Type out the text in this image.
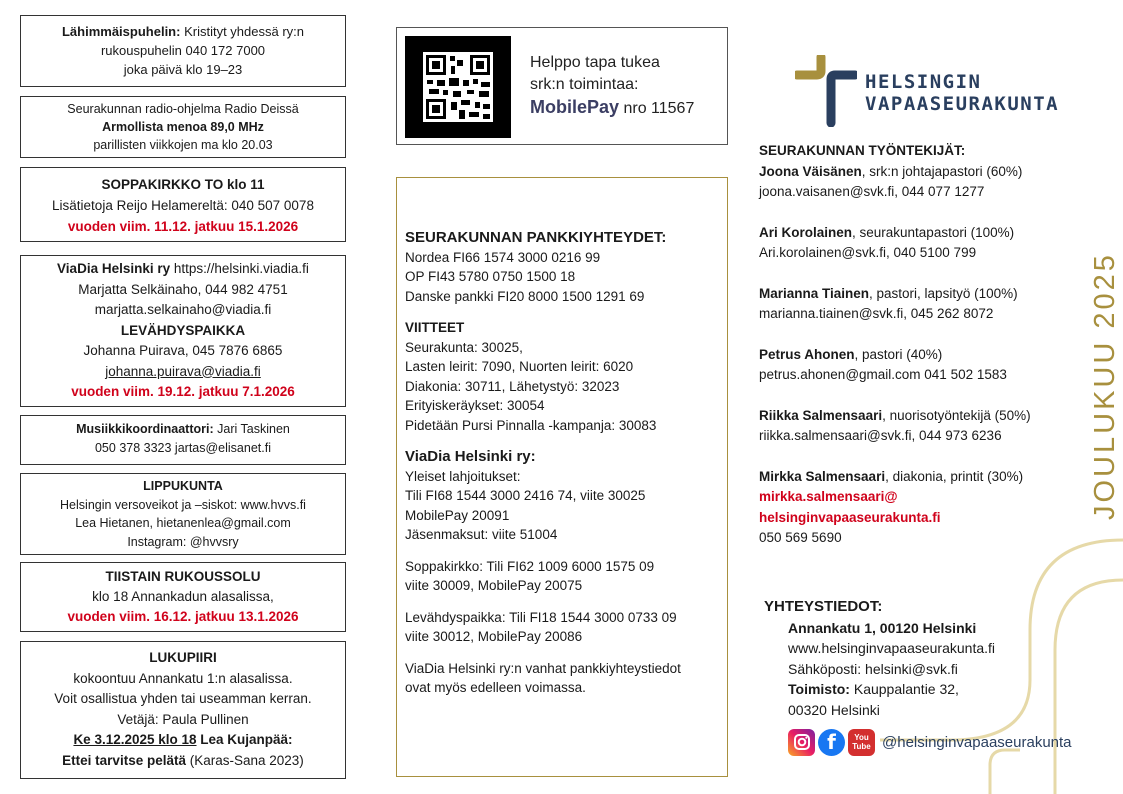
Lähimmäispuhelin: Kristityt yhdessä ry:n
rukouspuhelin 040 172 7000
joka päivä klo 19–23
Seurakunnan radio-ohjelma Radio Deissä
Armollista menoa 89,0 MHz
parillisten viikkojen ma klo 20.03
SOPPAKIRKKO TO klo 11
Lisätietoja Reijo Helamereltä: 040 507 0078
vuoden viim. 11.12. jatkuu 15.1.2026
ViaDia Helsinki ry https://helsinki.viadia.fi
Marjatta Selkäinaho, 044 982 4751
marjatta.selkainaho@viadia.fi
LEVÄHDYSPAIKKA
Johanna Puirava, 045 7876 6865
johanna.puirava@viadia.fi
vuoden viim. 19.12. jatkuu 7.1.2026
Musiikkikoordinaattori: Jari Taskinen
050 378 3323 jartas@elisanet.fi
LIPPUKUNTA
Helsingin versoveikot ja –siskot: www.hvvs.fi
Lea Hietanen, hietanenlea@gmail.com
Instagram: @hvvsry
TIISTAIN RUKOUSSOLU
klo 18 Annankadun alasalissa,
vuoden viim. 16.12. jatkuu 13.1.2026
LUKUPIIRI
kokoontuu Annankatu 1:n alasalissa.
Voit osallistua yhden tai useamman kerran.
Vetäjä: Paula Pullinen
Ke 3.12.2025 klo 18 Lea Kujanpää:
Ettei tarvitse pelätä (Karas-Sana 2023)
Helppo tapa tukea
srk:n toimintaa:
MobilePay nro 11567
SEURAKUNNAN PANKKIYHTEYDET:
Nordea FI66 1574 3000 0216 99
OP FI43 5780 0750 1500 18
Danske pankki FI20 8000 1500 1291 69
VIITTEET
Seurakunta: 30025,
Lasten leirit: 7090, Nuorten leirit: 6020
Diakonia: 30711, Lähetystyö: 32023
Erityiskeräykset: 30054
Pidetään Pursi Pinnalla -kampanja: 30083
ViaDia Helsinki ry:
Yleiset lahjoitukset:
Tili FI68 1544 3000 2416 74, viite 30025
MobilePay 20091
Jäsenmaksut: viite 51004
Soppakirkko: Tili FI62 1009 6000 1575 09
viite 30009, MobilePay 20075
Levähdyspaikka: Tili FI18 1544 3000 0733 09
viite 30012, MobilePay 20086
ViaDia Helsinki ry:n vanhat pankkiyhteystiedot
ovat myös edelleen voimassa.
HELSINGIN
VAPAASEURAKUNTA
SEURAKUNNAN TYÖNTEKIJÄT:
Joona Väisänen, srk:n johtajapastori (60%)
joona.vaisanen@svk.fi, 044 077 1277
Ari Korolainen, seurakuntapastori (100%)
Ari.korolainen@svk.fi, 040 5100 799
Marianna Tiainen, pastori, lapsityö (100%)
marianna.tiainen@svk.fi, 045 262 8072
Petrus Ahonen, pastori (40%)
petrus.ahonen@gmail.com 041 502 1583
Riikka Salmensaari, nuorisotyöntekijä (50%)
riikka.salmensaari@svk.fi, 044 973 6236
Mirkka Salmensaari, diakonia, printit (30%)
mirkka.salmensaari@
helsinginvapaaseurakunta.fi
050 569 5690
JOULUKUU 2025
YHTEYSTIEDOT:
Annankatu 1, 00120 Helsinki
www.helsinginvapaaseurakunta.fi
Sähköposti: helsinki@svk.fi
Toimisto: Kauppalantie 32,
00320 Helsinki
f You
Tube @helsinginvapaaseurakunta
